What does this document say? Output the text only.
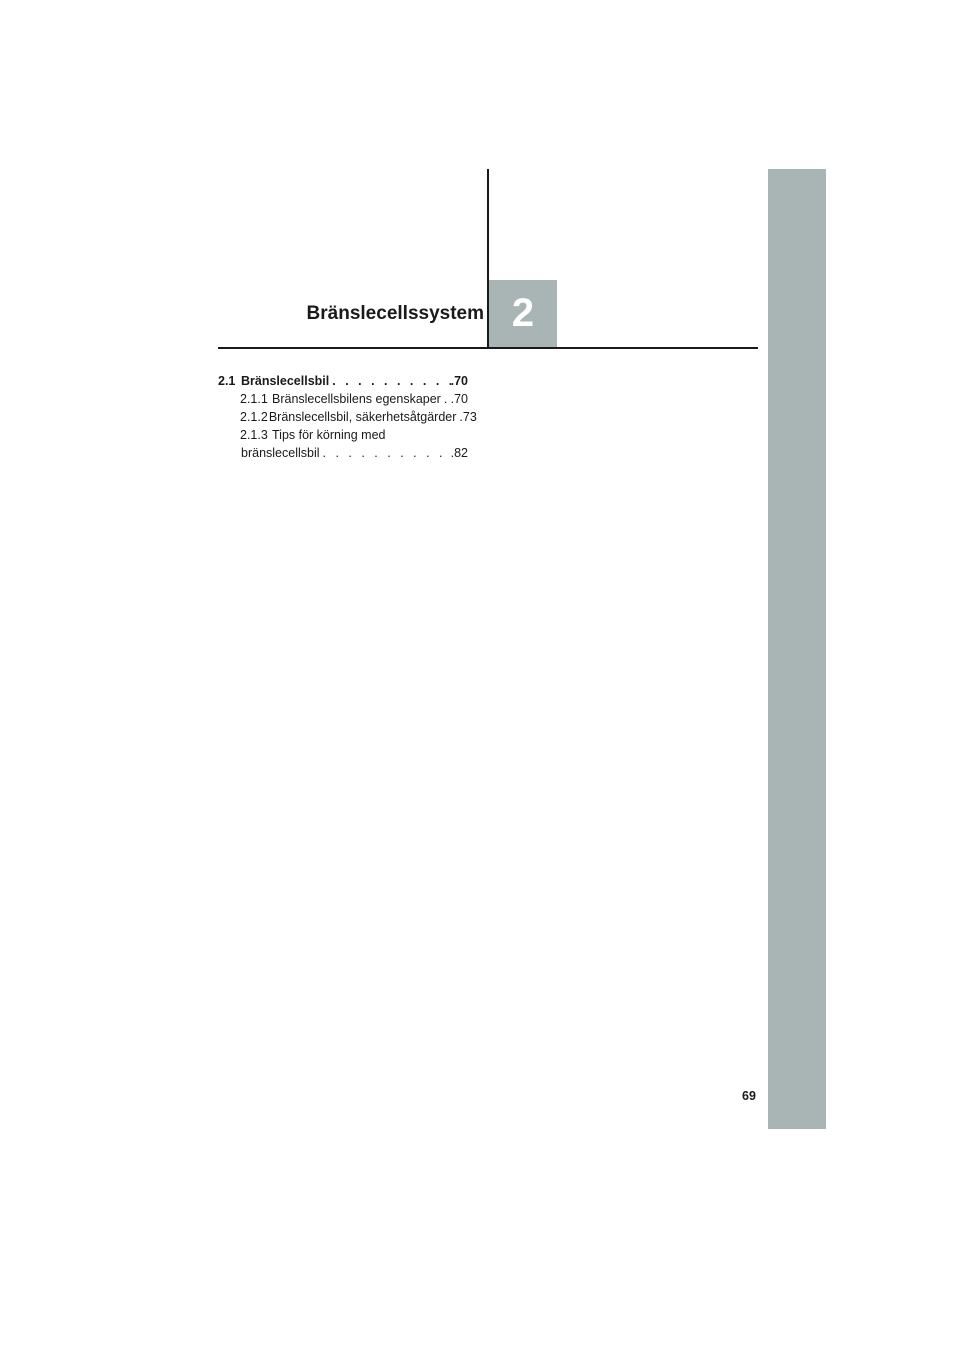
Bränslecellssystem 2
2.1 Bränslecellsbil . . .	.70
2.1.1 Bränslecellsbilens egenskaper . . . .70
2.1.2 Bränslecellsbil, säkerhetsåtgärder . . . .73
2.1.3 Tips för körning med
bränslecellsbil . . .	.82
69
